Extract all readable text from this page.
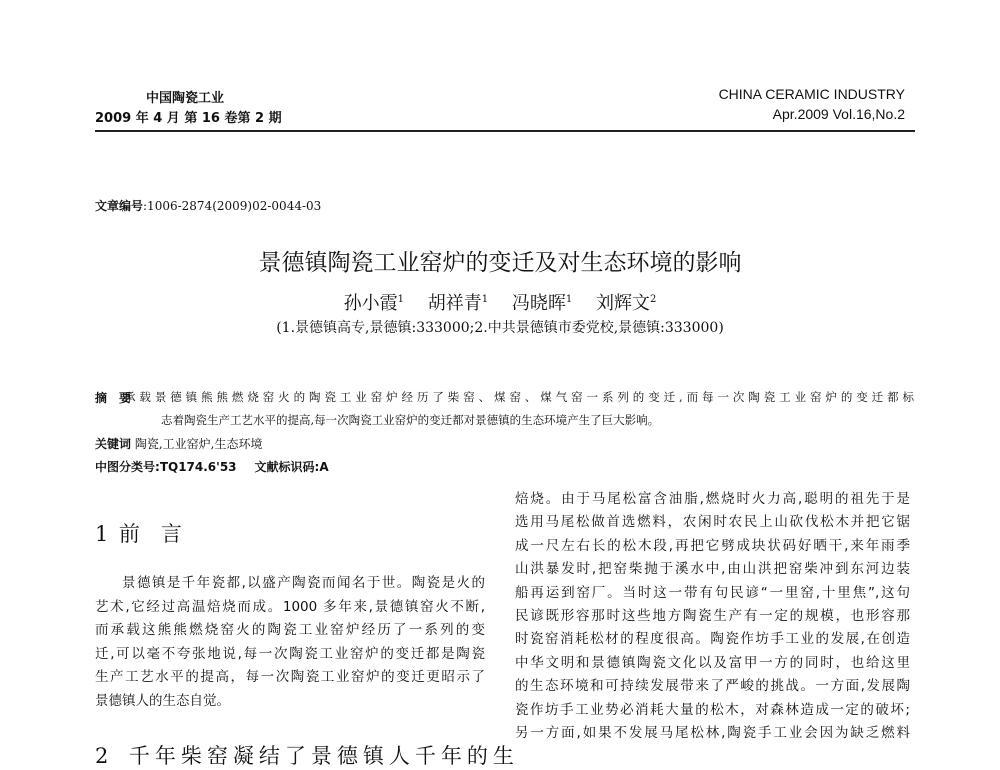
中国陶瓷工业
2009 年 4 月 第 16 卷第 2 期
CHINA CERAMIC INDUSTRY
Apr.2009 Vol.16,No.2
文章编号:1006-2874(2009)02-0044-03
景德镇陶瓷工业窑炉的变迁及对生态环境的影响
孙小霞$^1$  胡祥青$^1$  冯晓晖$^1$  刘辉文$^2$
(1.景德镇高专,景德镇:333000;2.中共景德镇市委党校,景德镇:333000)
摘　要
承载景德镇熊熊燃烧窑火的陶瓷工业窑炉经历了柴窑、煤窑、煤气窑一系列的变迁,而每一次陶瓷工业窑炉的变迁都标
志着陶瓷生产工艺水平的提高,每一次陶瓷工业窑炉的变迁都对景德镇的生态环境产生了巨大影响。
关键词 陶瓷,工业窑炉,生态环境
中图分类号:TQ174.6'53   文献标识码:A
1  前　言
景德镇是千年瓷都,以盛产陶瓷而闻名于世。陶瓷是火的
艺术,它经过高温焙烧而成。1000 多年来,景德镇窑火不断,
而承载这熊熊燃烧窑火的陶瓷工业窑炉经历了一系列的变
迁,可以毫不夸张地说,每一次陶瓷工业窑炉的变迁都是陶瓷
生产工艺水平的提高，每一次陶瓷工业窑炉的变迁更昭示了
景德镇人的生态自觉。
2  千年柴窑凝结了景德镇人千年的生
焙烧。由于马尾松富含油脂,燃烧时火力高,聪明的祖先于是
选用马尾松做首选燃料，农闲时农民上山砍伐松木并把它锯
成一尺左右长的松木段,再把它劈成块状码好晒干,来年雨季
山洪暴发时,把窑柴抛于溪水中,由山洪把窑柴冲到东河边装
船再运到窑厂。当时这一带有句民谚“一里窑,十里焦”,这句
民谚既形容那时这些地方陶瓷生产有一定的规模，也形容那
时瓷窑消耗松材的程度很高。陶瓷作坊手工业的发展,在创造
中华文明和景德镇陶瓷文化以及富甲一方的同时，也给这里
的生态环境和可持续发展带来了严峻的挑战。一方面,发展陶
瓷作坊手工业势必消耗大量的松木，对森林造成一定的破坏;
另一方面,如果不发展马尾松林,陶瓷手工业会因为缺乏燃料
